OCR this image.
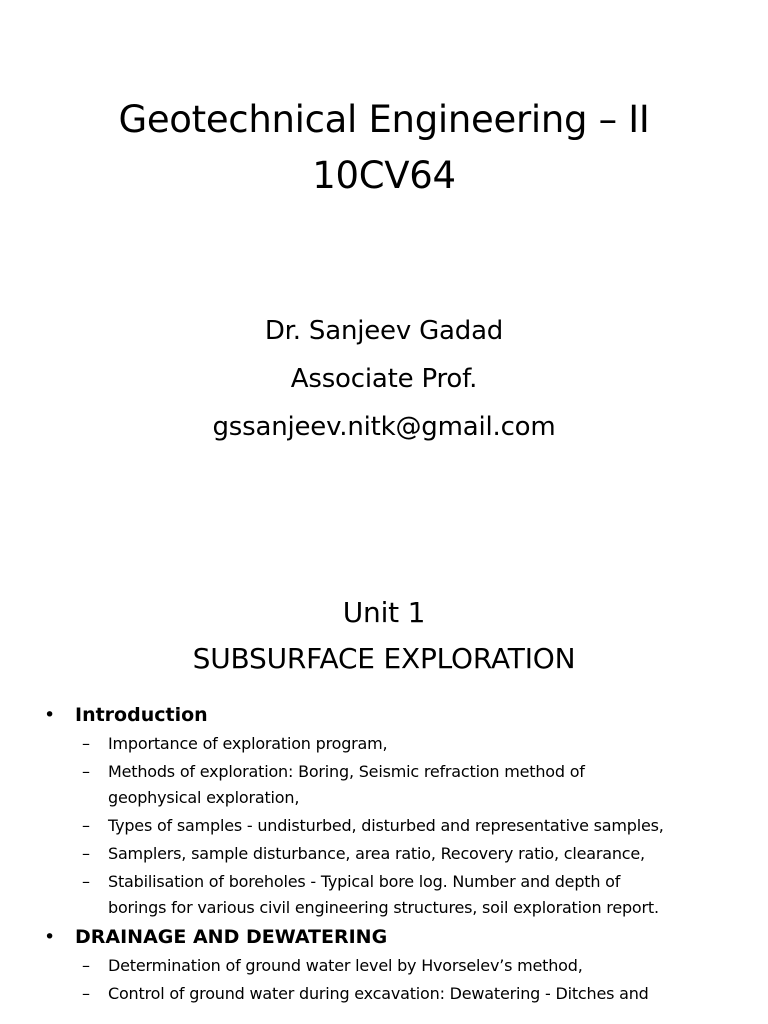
Geotechnical Engineering – II
10CV64
Dr. Sanjeev Gadad
Associate Prof.
gssanjeev.nitk@gmail.com
Unit 1
SUBSURFACE EXPLORATION
• Introduction
– Importance of exploration program,
– Methods of exploration: Boring, Seismic refraction method of
geophysical exploration,
– Types of samples - undisturbed, disturbed and representative samples,
– Samplers, sample disturbance, area ratio, Recovery ratio, clearance,
– Stabilisation of boreholes - Typical bore log. Number and depth of
borings for various civil engineering structures, soil exploration report.
• DRAINAGE AND DEWATERING
– Determination of ground water level by Hvorselev’s method,
– Control of ground water during excavation: Dewatering - Ditches and
